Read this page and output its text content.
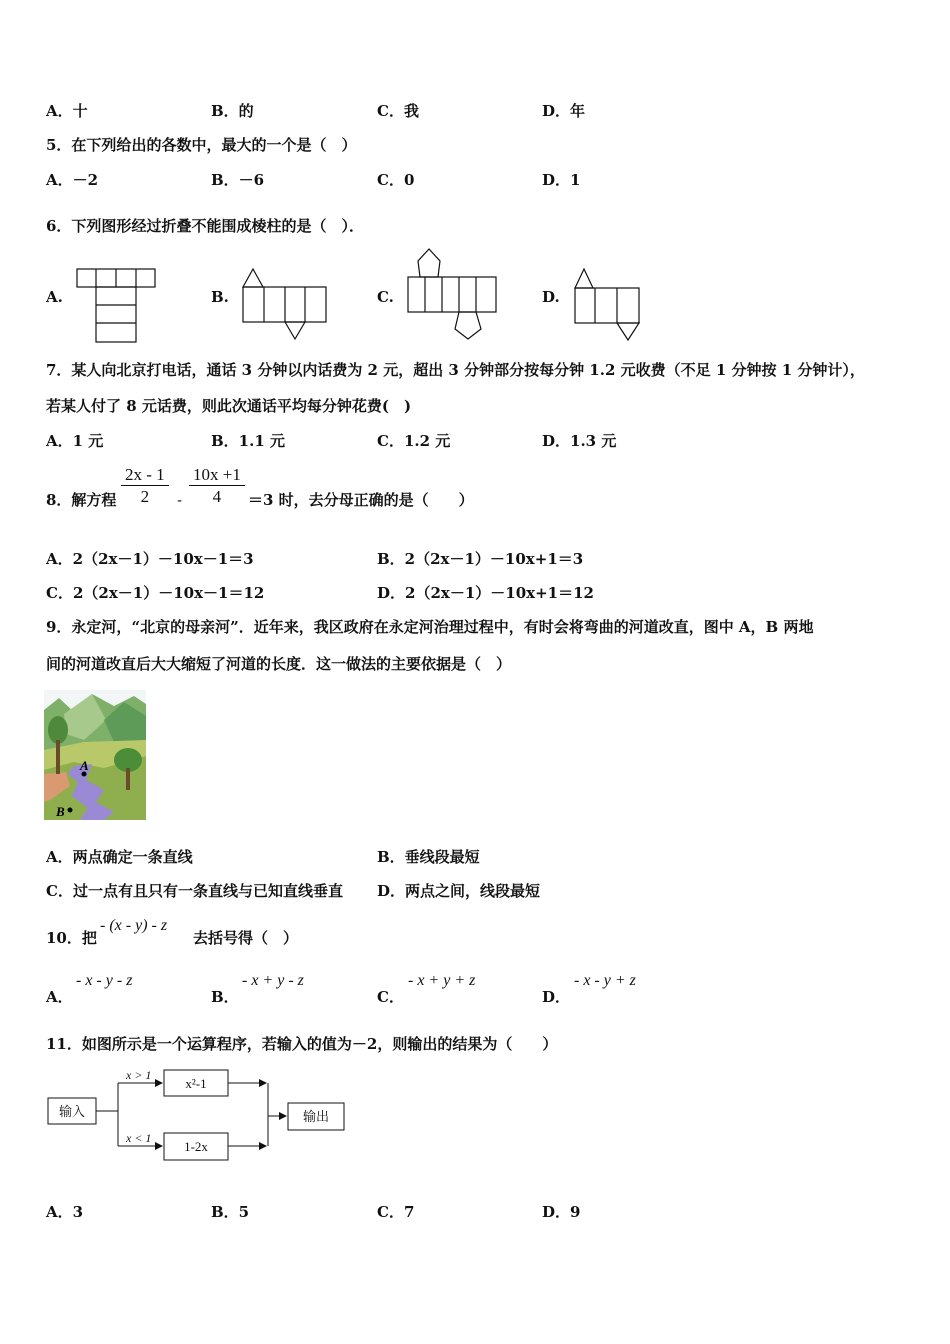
A．十	B．的	C．我	D．年
5．在下列给出的各数中，最大的一个是（　）
A．－2	B．－6	C．0	D．1
6．下列图形经过折叠不能围成棱柱的是（　）．
A.	B.	C.	D.
7．某人向北京打电话，通话 3 分钟以内话费为 2 元，超出 3 分钟部分按每分钟 1.2 元收费（不足 1 分钟按 1 分钟计），
若某人付了 8 元话费，则此次通话平均每分钟花费(　)
A．1 元	B．1.1 元	C．1.2 元	D．1.3 元
8．解方程 $\frac{2x - 1}{2} - \frac{10x +1}{4} =3$ 时，去分母正确的是（　　）
A．2（2x－1）－10x－1＝3	B．2（2x－1）－10x+1＝3
C．2（2x－1）－10x－1＝12	D．2（2x－1）－10x+1＝12
9．永定河，“北京的母亲河”．近年来，我区政府在永定河治理过程中，有时会将弯曲的河道改直，图中 A，B 两地
间的河道改直后大大缩短了河道的长度．这一做法的主要依据是（　）
A
B
A．两点确定一条直线	B．垂线段最短
C．过一点有且只有一条直线与已知直线垂直 D．两点之间，线段最短
10．把
- (x - y) - z
去括号得（　）
A．
- x - y - z
B．
- x + y - z
C．
- x + y + z
D．
- x - y + z
11．如图所示是一个运算程序，若输入的值为－2，则输出的结果为（　　）
输入	输出
x > 1
x < 1
x²-1
1-2x
A．3	B．5	C．7	D．9
